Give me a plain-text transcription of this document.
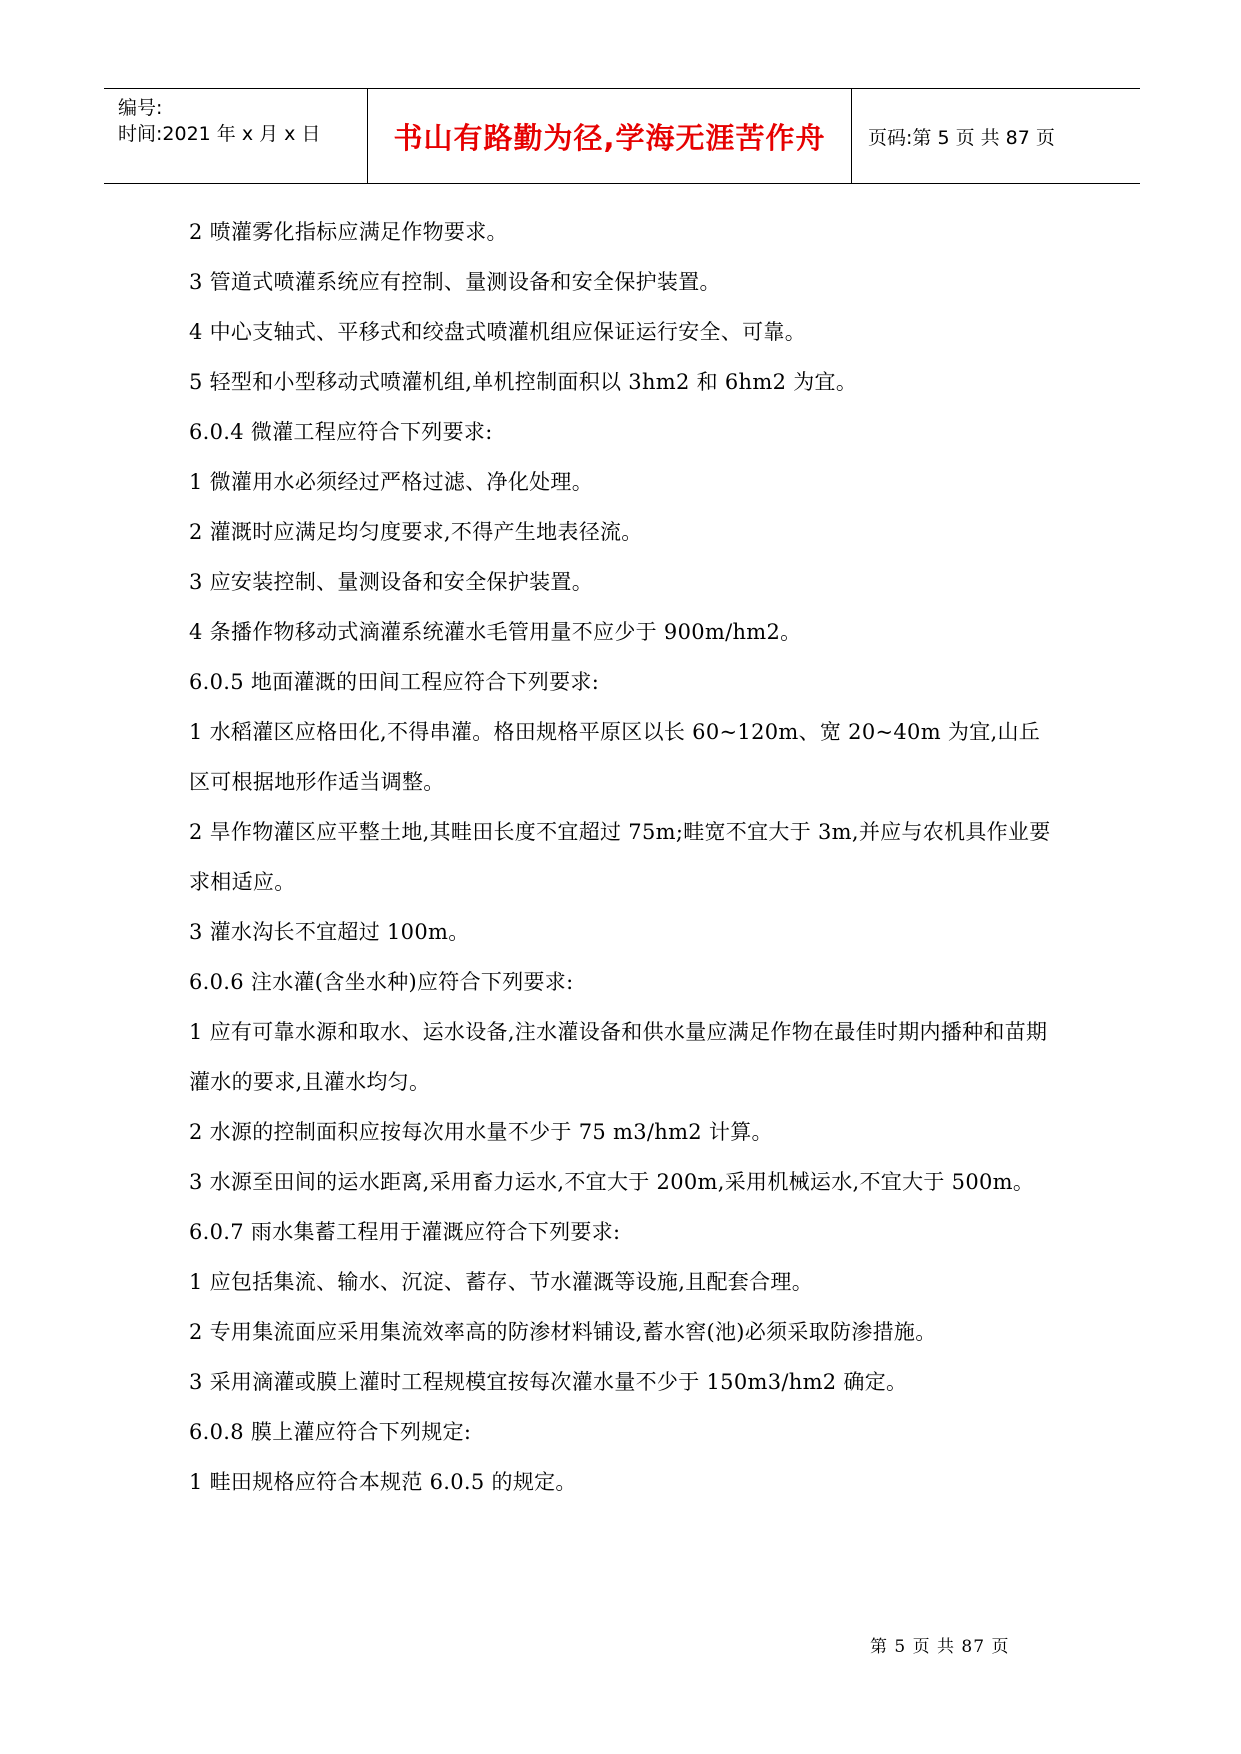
编号:
时间:2021 年 x 月 x 日	书山有路勤为径,学海无涯苦作舟 页码:第 5 页 共 87 页

2 喷灌雾化指标应满足作物要求。

3 管道式喷灌系统应有控制、量测设备和安全保护装置。

4 中心支轴式、平移式和绞盘式喷灌机组应保证运行安全、可靠。

5 轻型和小型移动式喷灌机组,单机控制面积以 3hm2 和 6hm2 为宜。

6.0.4 微灌工程应符合下列要求:

1 微灌用水必须经过严格过滤、净化处理。

2 灌溉时应满足均匀度要求,不得产生地表径流。

3 应安装控制、量测设备和安全保护装置。

4 条播作物移动式滴灌系统灌水毛管用量不应少于 900m/hm2。

6.0.5 地面灌溉的田间工程应符合下列要求:

1 水稻灌区应格田化,不得串灌。格田规格平原区以长 60~120m、宽 20~40m 为宜,山丘区可根据地形作适当调整。

2 旱作物灌区应平整土地,其畦田长度不宜超过 75m;畦宽不宜大于 3m,并应与农机具作业要求相适应。

3 灌水沟长不宜超过 100m。

6.0.6 注水灌(含坐水种)应符合下列要求:

1 应有可靠水源和取水、运水设备,注水灌设备和供水量应满足作物在最佳时期内播种和苗期灌水的要求,且灌水均匀。

2 水源的控制面积应按每次用水量不少于 75 m3/hm2 计算。

3 水源至田间的运水距离,采用畜力运水,不宜大于 200m,采用机械运水,不宜大于 500m。

6.0.7 雨水集蓄工程用于灌溉应符合下列要求:

1 应包括集流、输水、沉淀、蓄存、节水灌溉等设施,且配套合理。

2 专用集流面应采用集流效率高的防渗材料铺设,蓄水窖(池)必须采取防渗措施。

3 采用滴灌或膜上灌时工程规模宜按每次灌水量不少于 150m3/hm2 确定。

6.0.8 膜上灌应符合下列规定:

1 畦田规格应符合本规范 6.0.5 的规定。

第 5 页 共 87 页
